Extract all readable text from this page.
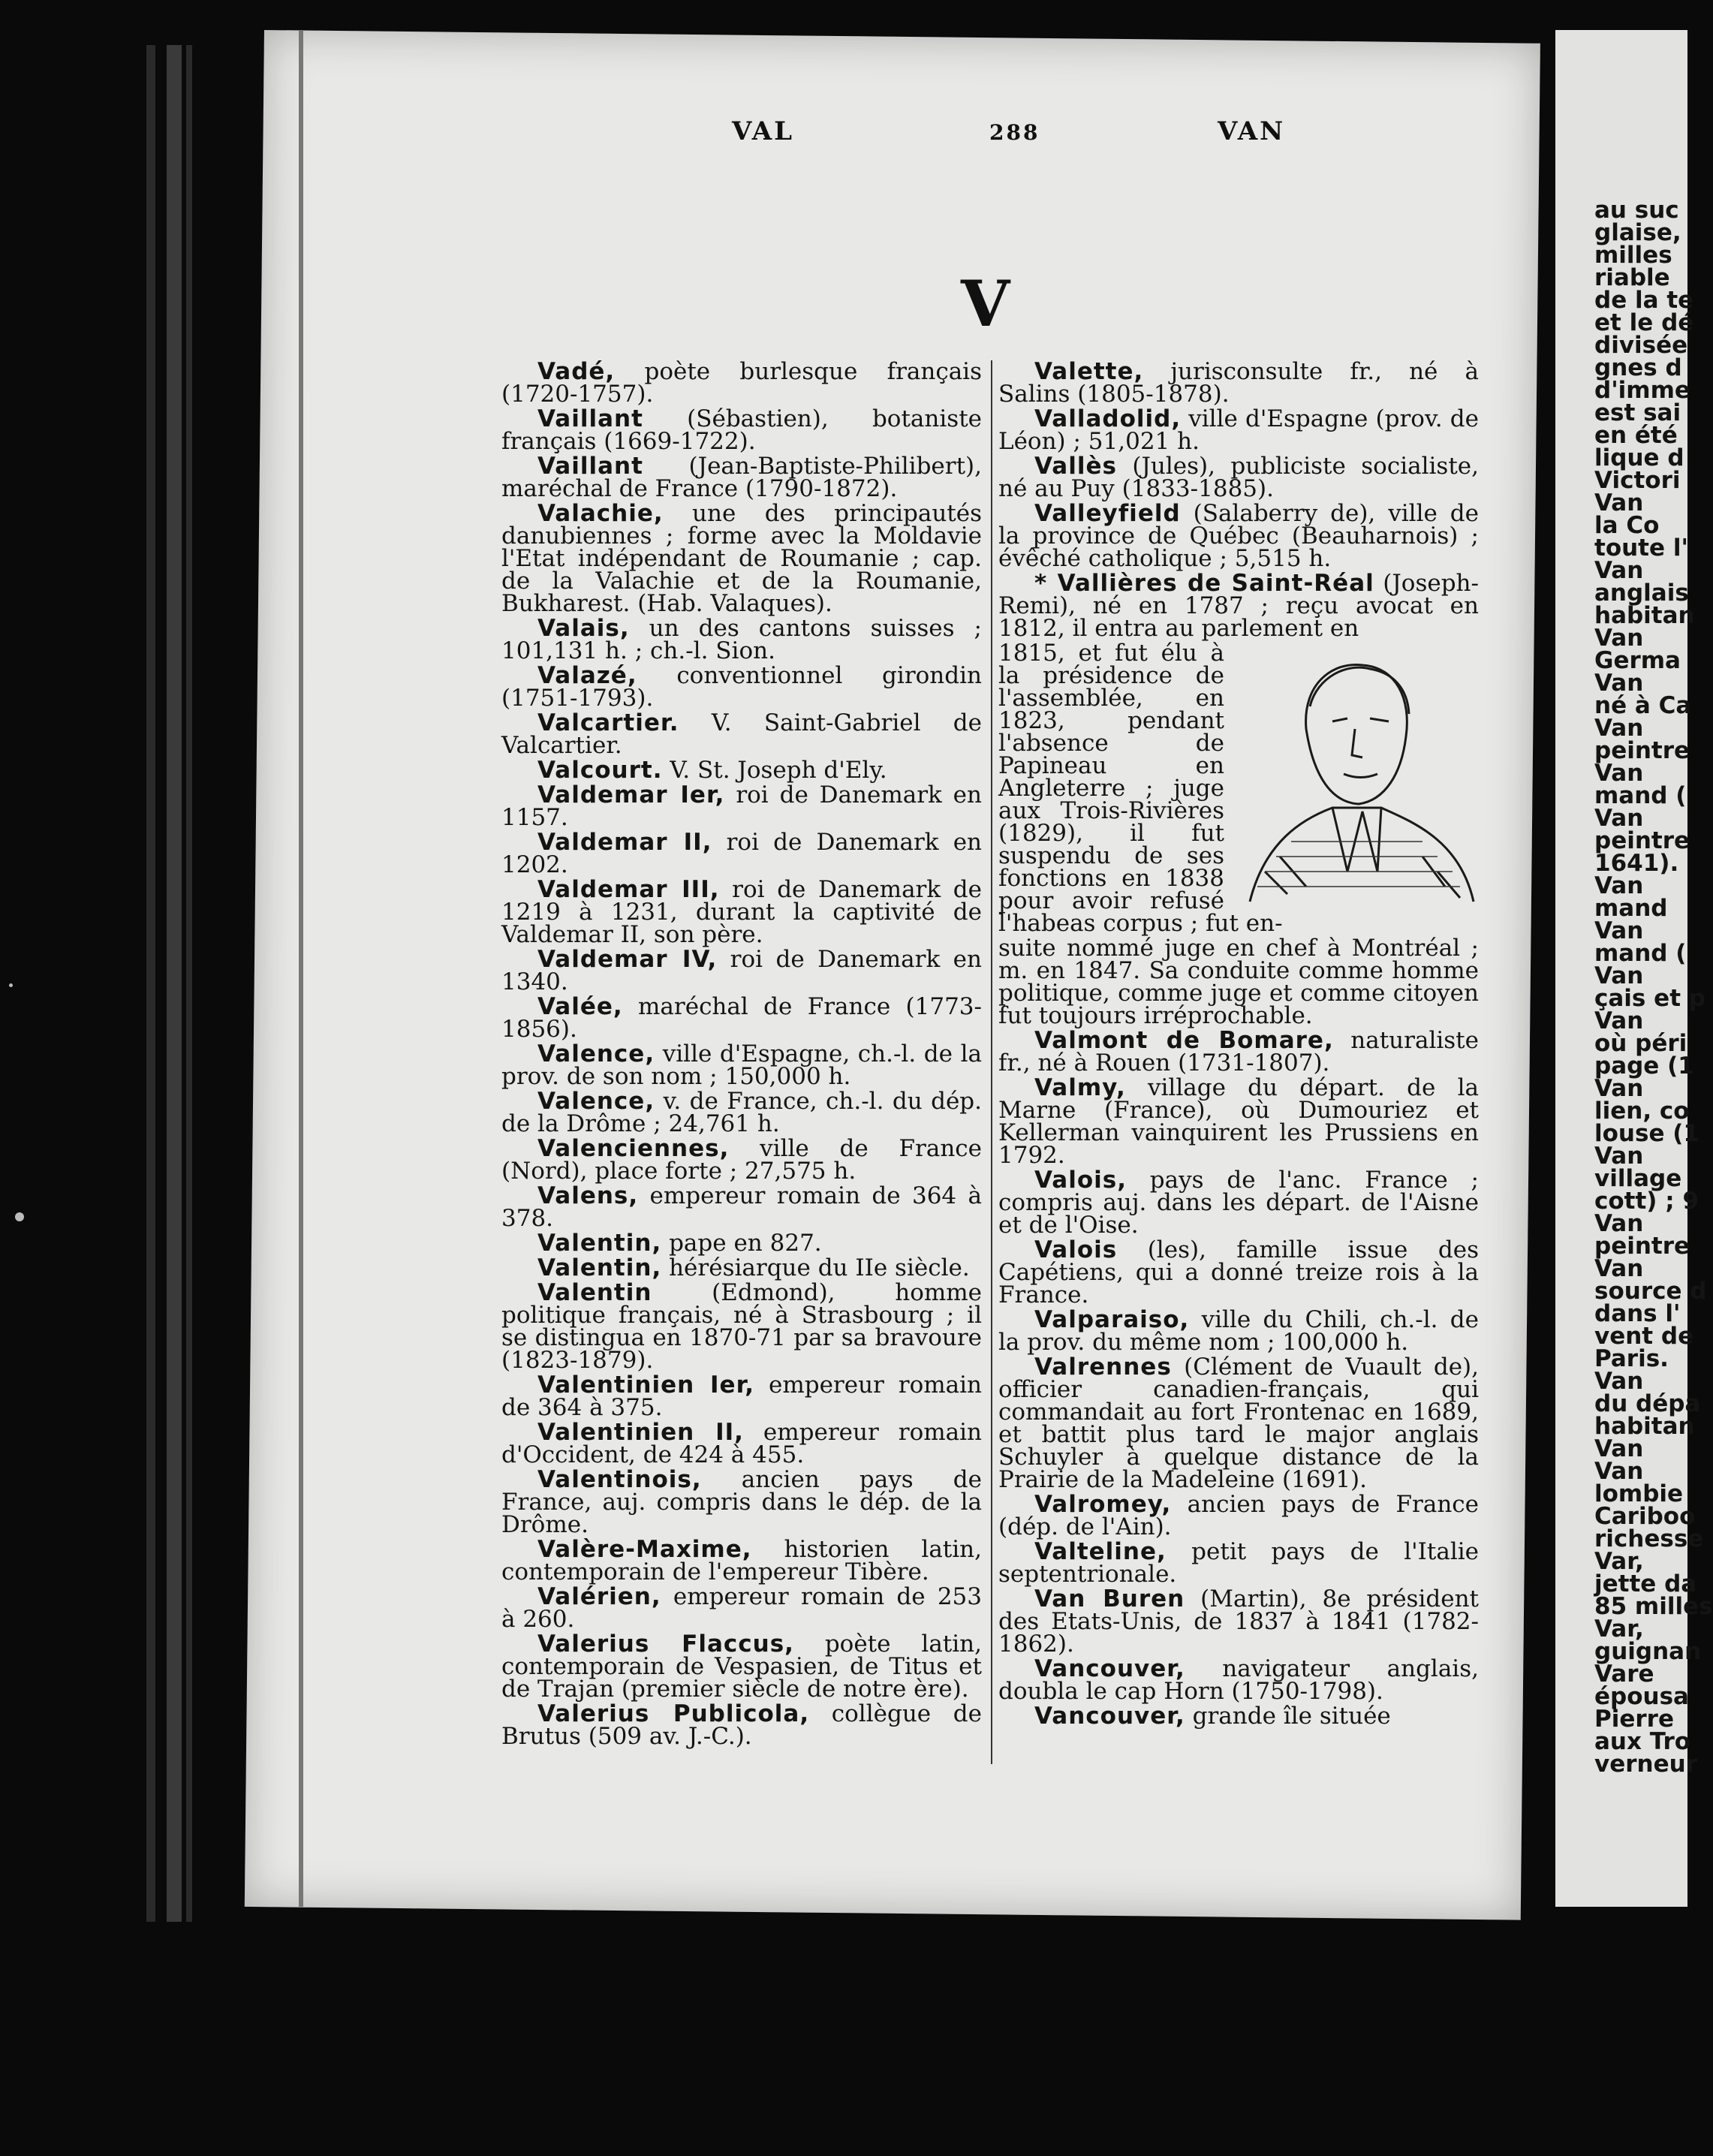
VAL	288	VAN
V

Vadé, poète burlesque français (1720-1757).

Vaillant (Sébastien), botaniste français (1669-1722).

Vaillant (Jean-Baptiste-Philibert), maréchal de France (1790-1872).

Valachie, une des principautés danubiennes ; forme avec la Moldavie l'Etat indépendant de Roumanie ; cap. de la Valachie et de la Roumanie, Bukharest. (Hab. Valaques).

Valais, un des cantons suisses ; 101,131 h. ; ch.-l. Sion.

Valazé, conventionnel girondin (1751-1793).

Valcartier. V. Saint-Gabriel de Valcartier.

Valcourt. V. St. Joseph d'Ely.

Valdemar Ier, roi de Danemark en 1157.

Valdemar II, roi de Danemark en 1202.

Valdemar III, roi de Danemark de 1219 à 1231, durant la captivité de Valdemar II, son père.

Valdemar IV, roi de Danemark en 1340.

Valée, maréchal de France (1773-1856).

Valence, ville d'Espagne, ch.-l. de la prov. de son nom ; 150,000 h.

Valence, v. de France, ch.-l. du dép. de la Drôme ; 24,761 h.

Valenciennes, ville de France (Nord), place forte ; 27,575 h.

Valens, empereur romain de 364 à 378.

Valentin, pape en 827.

Valentin, hérésiarque du IIe siècle.

Valentin (Edmond), homme politique français, né à Strasbourg ; il se distingua en 1870-71 par sa bravoure (1823-1879).

Valentinien Ier, empereur romain de 364 à 375.

Valentinien II, empereur romain d'Occident, de 424 à 455.

Valentinois, ancien pays de France, auj. compris dans le dép. de la Drôme.

Valère-Maxime, historien latin, contemporain de l'empereur Tibère.

Valérien, empereur romain de 253 à 260.

Valerius Flaccus, poète latin, contemporain de Vespasien, de Titus et de Trajan (premier siècle de notre ère).

Valerius Publicola, collègue de Brutus (509 av. J.-C.).

Valette, jurisconsulte fr., né à Salins (1805-1878).

Valladolid, ville d'Espagne (prov. de Léon) ; 51,021 h.

Vallès (Jules), publiciste socialiste, né au Puy (1833-1885).

Valleyfield (Salaberry de), ville de la province de Québec (Beauharnois) ; évêché catholique ; 5,515 h.

* Vallières de Saint-Réal (Joseph-Remi), né en 1787 ; reçu avocat en 1812, il entra au parlement en

1815, et fut élu à la présidence de l'assemblée, en 1823, pendant l'absence de Papineau en Angleterre ; juge aux Trois-Rivières (1829), il fut suspendu de ses fonctions en 1838 pour avoir refusé l'habeas corpus ; fut en-

suite nommé juge en chef à Montréal ; m. en 1847. Sa conduite comme homme politique, comme juge et comme citoyen fut toujours irréprochable.

Valmont de Bomare, naturaliste fr., né à Rouen (1731-1807).

Valmy, village du départ. de la Marne (France), où Dumouriez et Kellerman vainquirent les Prussiens en 1792.

Valois, pays de l'anc. France ; compris auj. dans les départ. de l'Aisne et de l'Oise.

Valois (les), famille issue des Capétiens, qui a donné treize rois à la France.

Valparaiso, ville du Chili, ch.-l. de la prov. du même nom ; 100,000 h.

Valrennes (Clément de Vuault de), officier canadien-français, qui commandait au fort Frontenac en 1689, et battit plus tard le major anglais Schuyler à quelque distance de la Prairie de la Madeleine (1691).

Valromey, ancien pays de France (dép. de l'Ain).

Valteline, petit pays de l'Italie septentrionale.

Van Buren (Martin), 8e président des Etats-Unis, de 1837 à 1841 (1782-1862).

Vancouver, navigateur anglais, doubla le cap Horn (1750-1798).

Vancouver, grande île située

au suc
glaise,
milles
riable
de la te
et le dé
divisée
gnes d
d'imme
est sai
en été
lique d
Victori
Van
la Co
toute l'
Van
anglais
habitan
Van
Germa
Van
né à Ca
Van
peintre
Van
mand (
Van
peintre
1641).
Van
mand
Van
mand (
Van
çais et p
Van
où péri
page (1
Van
lien, co
louse (1
Van
village
cott) ; 9
Van
peintre
Van
source d
dans l'
vent de
Paris.
Van
du dépa
habitan
Van
Van
lombie
Cariboo
richesse
Var,
jette da
85 milles
Var,
guignan
Vare
épousa
Pierre
aux Tro
verneur
